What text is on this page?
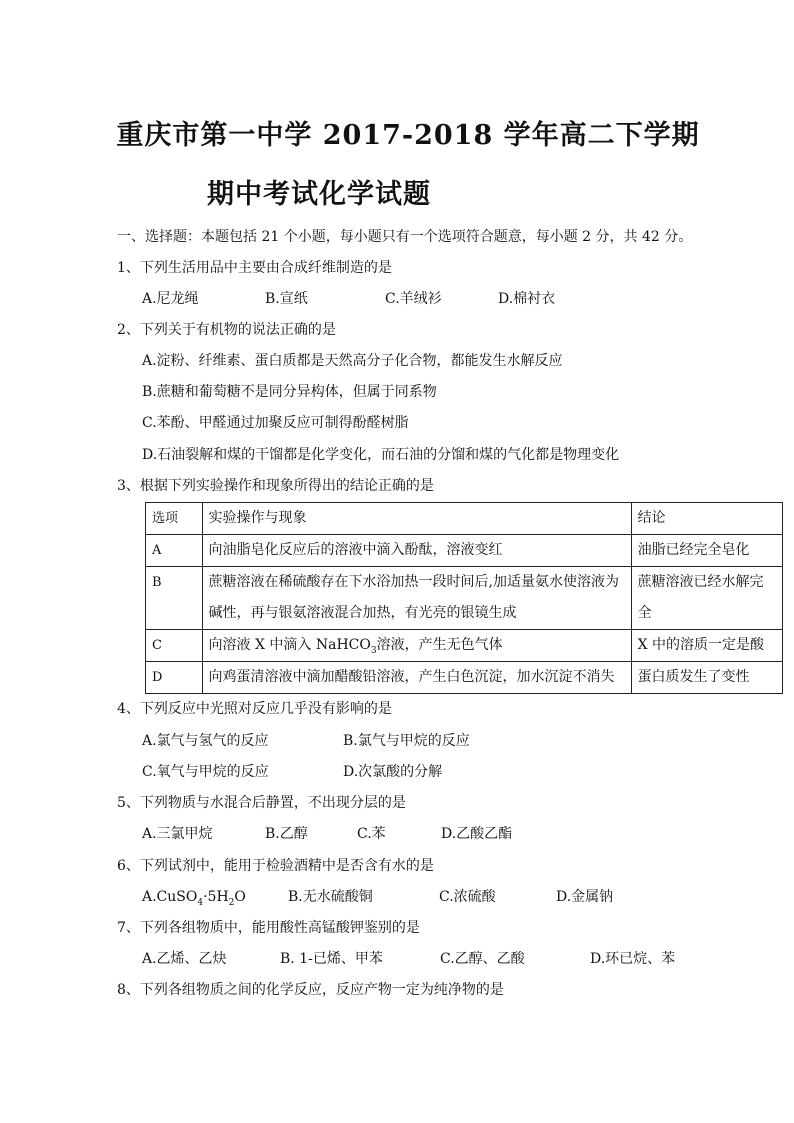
重庆市第一中学 2017-2018 学年高二下学期
期中考试化学试题
一、选择题：本题包括 21 个小题，每小题只有一个选项符合题意，每小题 2 分，共 42 分。
1、下列生活用品中主要由合成纤维制造的是
A.尼龙绳	B.宣纸	C.羊绒衫	D.棉衬衣
2、下列关于有机物的说法正确的是
A.淀粉、纤维素、蛋白质都是天然高分子化合物，都能发生水解反应
B.蔗糖和葡萄糖不是同分异构体，但属于同系物
C.苯酚、甲醛通过加聚反应可制得酚醛树脂
D.石油裂解和煤的干馏都是化学变化，而石油的分馏和煤的气化都是物理变化
3、根据下列实验操作和现象所得出的结论正确的是
选项	实验操作与现象	结论
A	向油脂皂化反应后的溶液中滴入酚酞，溶液变红	油脂已经完全皂化
B	蔗糖溶液在稀硫酸存在下水浴加热一段时间后,加适量氨水使溶液为
碱性，再与银氨溶液混合加热，有光亮的银镜生成	蔗糖溶液已经水解完全
C	向溶液 X 中滴入 NaHCO$_3$溶液，产生无色气体	X 中的溶质一定是酸
D	向鸡蛋清溶液中滴加醋酸铅溶液，产生白色沉淀，加水沉淀不消失	蛋白质发生了变性
4、下列反应中光照对反应几乎没有影响的是
A.氯气与氢气的反应	B.氯气与甲烷的反应
C.氧气与甲烷的反应	D.次氯酸的分解
5、下列物质与水混合后静置，不出现分层的是
A.三氯甲烷	B.乙醇	C.苯	D.乙酸乙酯
6、下列试剂中，能用于检验酒精中是否含有水的是
$A.CuSO_4\cdot 5H_2O$	B.无水硫酸铜	C.浓硫酸	D.金属钠
7、下列各组物质中，能用酸性高锰酸钾鉴别的是
A.乙烯、乙炔	B. 1-已烯、甲苯	C.乙醇、乙酸	D.环已烷、苯
8、下列各组物质之间的化学反应，反应产物一定为纯净物的是
